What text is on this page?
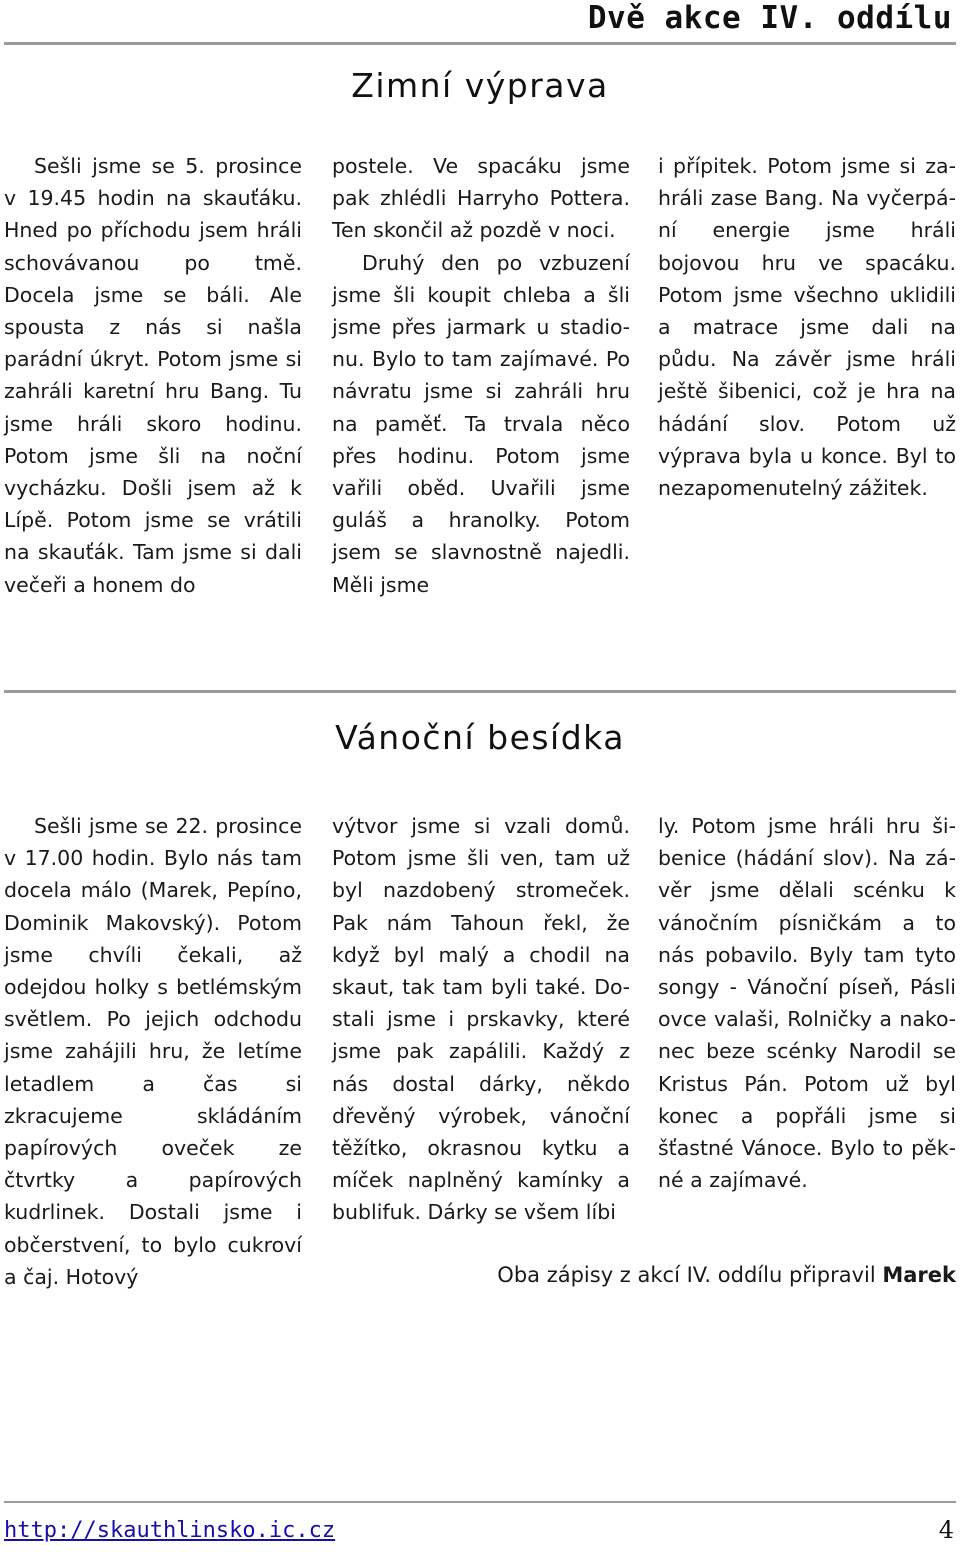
Dvě akce IV. oddílu
Zimní výprava

Sešli jsme se 5. prosince v 19.45 hodin na skauťáku. Hned po příchodu jsem hráli schovávanou po tmě. Docela jsme se báli. Ale spousta z nás si našla parádní úkryt. Potom jsme si zahráli karetní hru Bang. Tu jsme hráli skoro hodinu. Potom jsme šli na noční vycházku. Došli jsem až k Lípě. Potom jsme se vrátili na skauťák. Tam jsme si dali večeři a honem do

postele. Ve spacáku jsme pak zhlédli Harryho Pottera. Ten skončil až pozdě v noci.

Druhý den po vzbuzení jsme šli koupit chleba a šli jsme přes jarmark u stadionu. Bylo to tam zajímavé. Po návratu jsme si zahráli hru na paměť. Ta trvala něco přes hodinu. Potom jsme vařili oběd. Uvařili jsme guláš a hranolky. Potom jsem se slavnostně najedli. Měli jsme

i přípitek. Potom jsme si zahráli zase Bang. Na vyčerpání energie jsme hráli bojovou hru ve spacáku. Potom jsme všechno uklidili a matrace jsme dali na půdu. Na závěr jsme hráli ještě šibenici, což je hra na hádání slov. Potom už výprava byla u konce. Byl to nezapomenutelný zážitek.

Vánoční besídka

Sešli jsme se 22. prosince v 17.00 hodin. Bylo nás tam docela málo (Marek, Pepíno, Dominik Makovský). Potom jsme chvíli čekali, až odejdou holky s betlémským světlem. Po jejich odchodu jsme zahájili hru, že letíme letadlem a čas si zkracujeme skládáním papírových oveček ze čtvrtky a papírových kudrlinek. Dostali jsme i občerstvení, to bylo cukroví a čaj. Hotový

výtvor jsme si vzali domů. Potom jsme šli ven, tam už byl nazdobený stromeček. Pak nám Tahoun řekl, že když byl malý a chodil na skaut, tak tam byli také. Dostali jsme i prskavky, které jsme pak zapálili. Každý z nás dostal dárky, někdo dřevěný výrobek, vánoční těžítko, okrasnou kytku a míček naplněný kamínky a bublifuk. Dárky se všem líbi

ly. Potom jsme hráli hru šibenice (hádání slov). Na závěr jsme dělali scénku k vánočním písničkám a to nás pobavilo. Byly tam tyto songy - Vánoční píseň, Pásli ovce valaši, Rolničky a nakonec beze scénky Narodil se Kristus Pán. Potom už byl konec a popřáli jsme si šťastné Vánoce. Bylo to pěkné a zajímavé.

Oba zápisy z akcí IV. oddílu připravil Marek
http://skauthlinsko.ic.cz	4
